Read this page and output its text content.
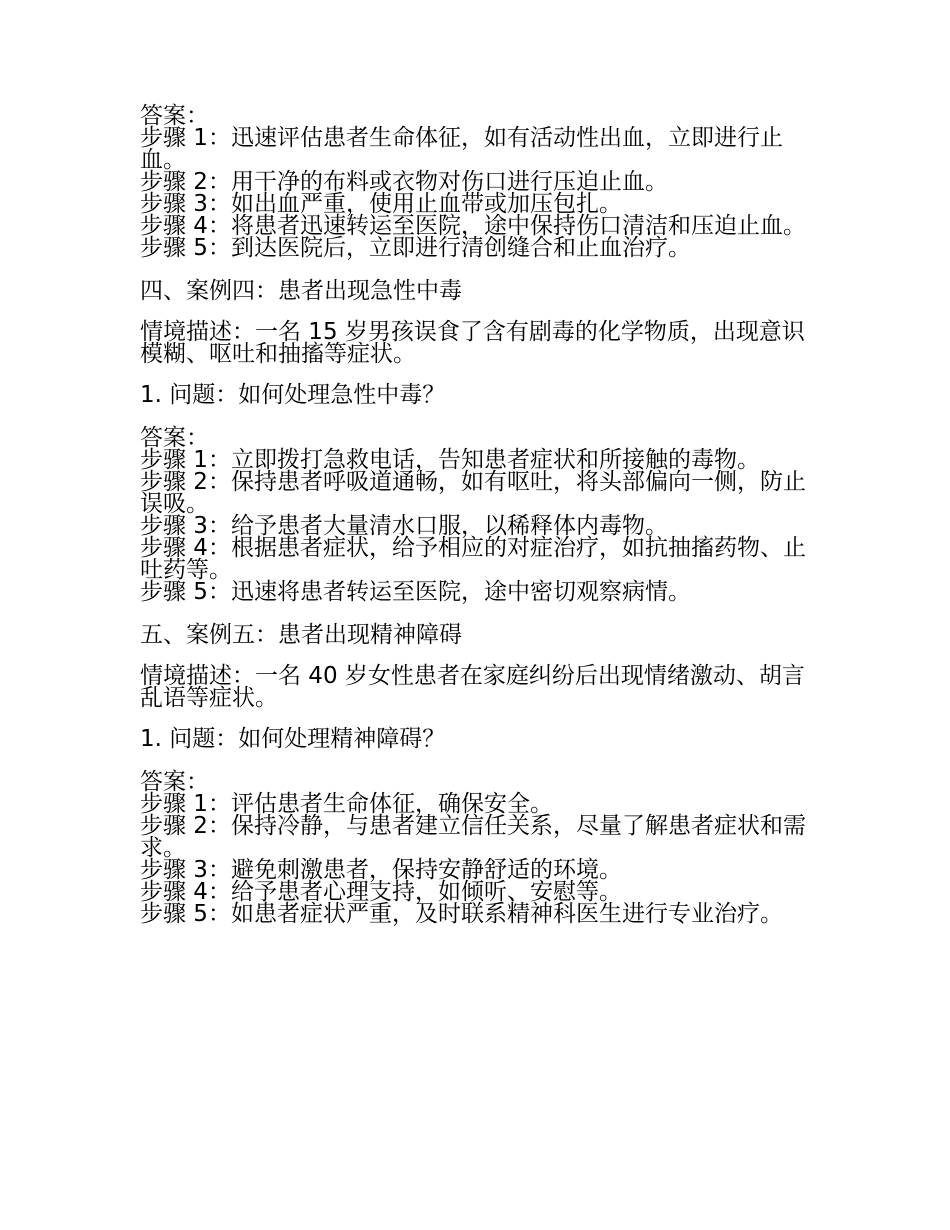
答案：
步骤 1：迅速评估患者生命体征，如有活动性出血，立即进行止血。
步骤 2：用干净的布料或衣物对伤口进行压迫止血。
步骤 3：如出血严重，使用止血带或加压包扎。
步骤 4：将患者迅速转运至医院，途中保持伤口清洁和压迫止血。
步骤 5：到达医院后，立即进行清创缝合和止血治疗。
四、案例四：患者出现急性中毒
情境描述：一名 15 岁男孩误食了含有剧毒的化学物质，出现意识模糊、呕吐和抽搐等症状。
1. 问题：如何处理急性中毒？
答案：
步骤 1：立即拨打急救电话，告知患者症状和所接触的毒物。
步骤 2：保持患者呼吸道通畅，如有呕吐，将头部偏向一侧，防止误吸。
步骤 3：给予患者大量清水口服，以稀释体内毒物。
步骤 4：根据患者症状，给予相应的对症治疗，如抗抽搐药物、止吐药等。
步骤 5：迅速将患者转运至医院，途中密切观察病情。
五、案例五：患者出现精神障碍
情境描述：一名 40 岁女性患者在家庭纠纷后出现情绪激动、胡言乱语等症状。
1. 问题：如何处理精神障碍？
答案：
步骤 1：评估患者生命体征，确保安全。
步骤 2：保持冷静，与患者建立信任关系，尽量了解患者症状和需求。
步骤 3：避免刺激患者，保持安静舒适的环境。
步骤 4：给予患者心理支持，如倾听、安慰等。
步骤 5：如患者症状严重，及时联系精神科医生进行专业治疗。
